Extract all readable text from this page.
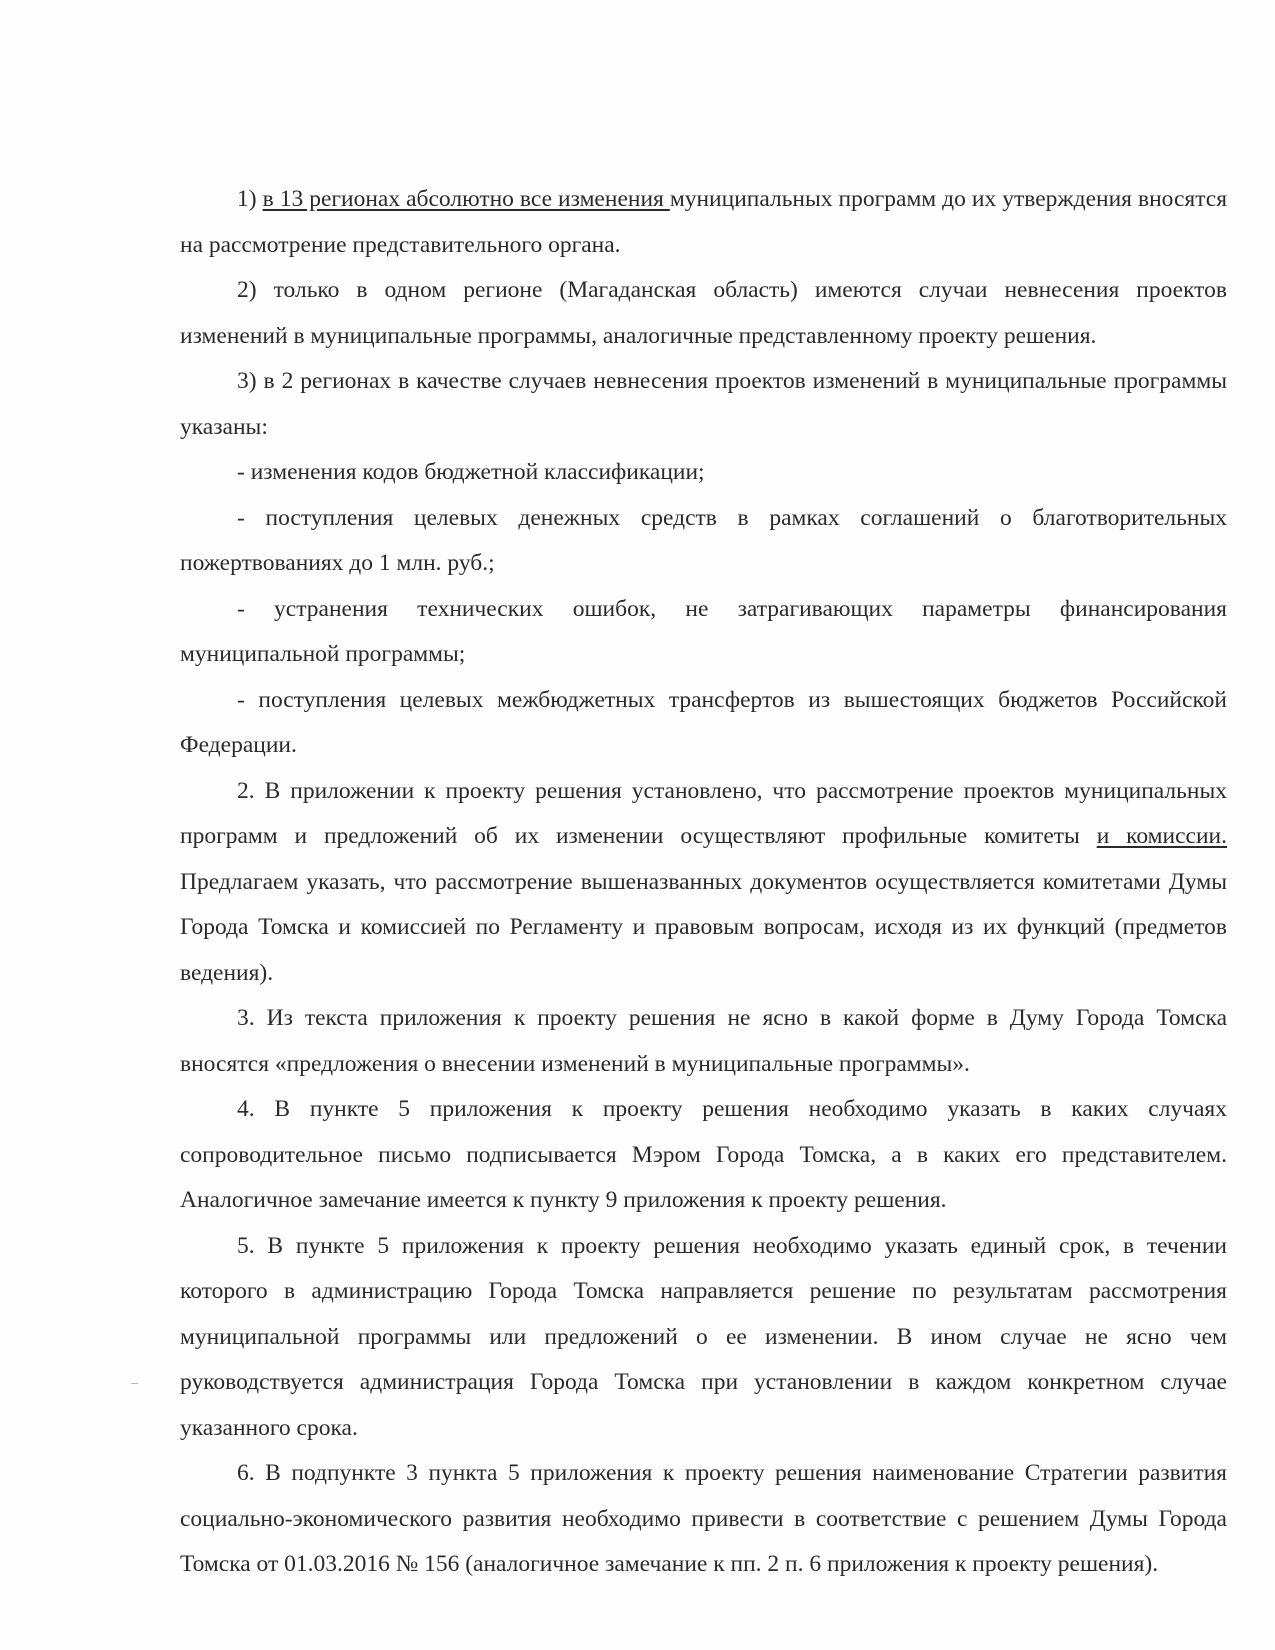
1) в 13 регионах абсолютно все изменения муниципальных программ до их утверждения вносятся на рассмотрение представительного органа.

2) только в одном регионе (Магаданская область) имеются случаи невнесения проектов изменений в муниципальные программы, аналогичные представленному проекту решения.

3) в 2 регионах в качестве случаев невнесения проектов изменений в муниципальные программы указаны:

- изменения кодов бюджетной классификации;

- поступления целевых денежных средств в рамках соглашений о благотворительных пожертвованиях до 1 млн. руб.;

- устранения технических ошибок, не затрагивающих параметры финансирования муниципальной программы;

- поступления целевых межбюджетных трансфертов из вышестоящих бюджетов Российской Федерации.

2. В приложении к проекту решения установлено, что рассмотрение проектов муниципальных программ и предложений об их изменении осуществляют профильные комитеты и комиссии. Предлагаем указать, что рассмотрение вышеназванных документов осуществляется комитетами Думы Города Томска и комиссией по Регламенту и правовым вопросам, исходя из их функций (предметов ведения).

3. Из текста приложения к проекту решения не ясно в какой форме в Думу Города Томска вносятся «предложения о внесении изменений в муниципальные программы».

4. В пункте 5 приложения к проекту решения необходимо указать в каких случаях сопроводительное письмо подписывается Мэром Города Томска, а в каких его представителем. Аналогичное замечание имеется к пункту 9 приложения к проекту решения.

5. В пункте 5 приложения к проекту решения необходимо указать единый срок, в течении которого в администрацию Города Томска направляется решение по результатам рассмотрения муниципальной программы или предложений о ее изменении. В ином случае не ясно чем руководствуется администрация Города Томска при установлении в каждом конкретном случае указанного срока.

6. В подпункте 3 пункта 5 приложения к проекту решения наименование Стратегии развития социально-экономического развития необходимо привести в соответствие с решением Думы Города Томска от 01.03.2016 № 156 (аналогичное замечание к пп. 2 п. 6 приложения к проекту решения).
